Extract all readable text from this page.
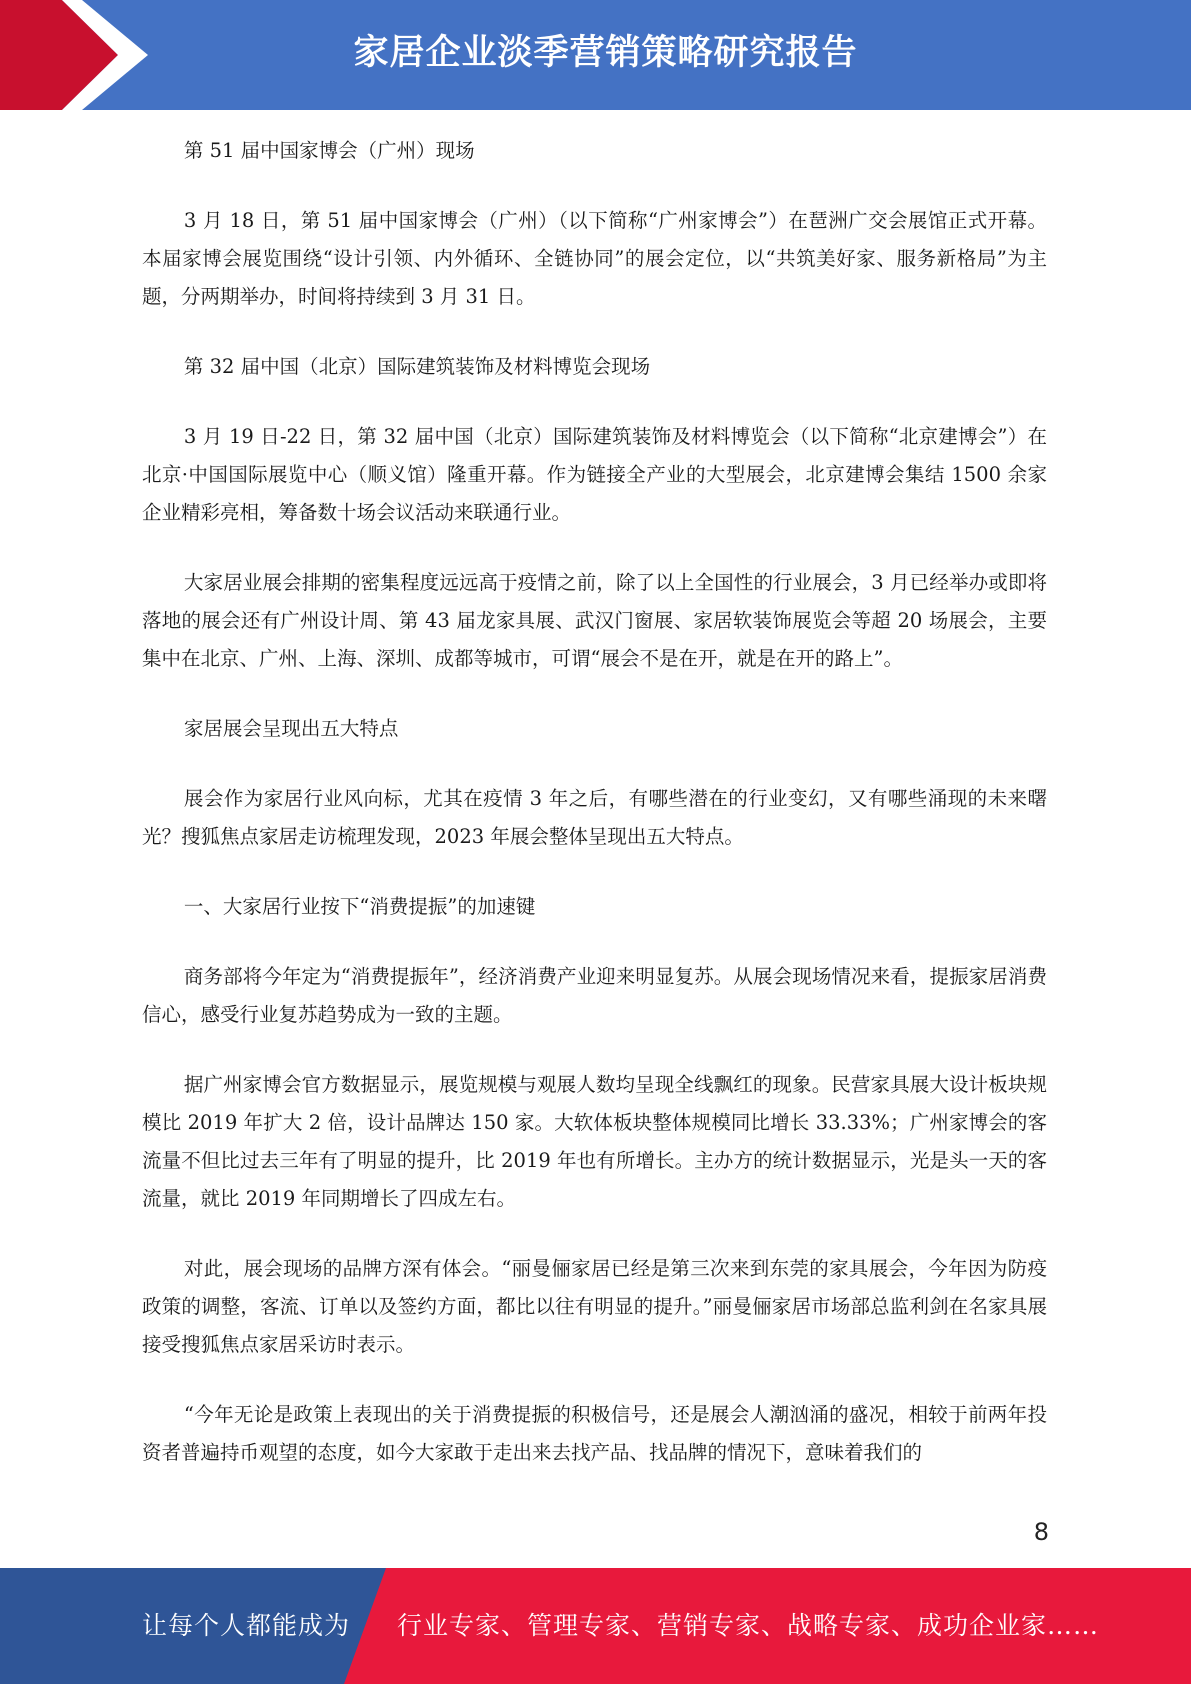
家居企业淡季营销策略研究报告

第 51 届中国家博会（广州）现场

3 月 18 日，第 51 届中国家博会（广州）（以下简称“广州家博会”）在琶洲广交会展馆正式开幕。本届家博会展览围绕“设计引领、内外循环、全链协同”的展会定位，以“共筑美好家、服务新格局”为主题，分两期举办，时间将持续到 3 月 31 日。

第 32 届中国（北京）国际建筑装饰及材料博览会现场

3 月 19 日-22 日，第 32 届中国（北京）国际建筑装饰及材料博览会（以下简称“北京建博会”）在北京·中国国际展览中心（顺义馆）隆重开幕。作为链接全产业的大型展会，北京建博会集结 1500 余家企业精彩亮相，筹备数十场会议活动来联通行业。

大家居业展会排期的密集程度远远高于疫情之前，除了以上全国性的行业展会，3 月已经举办或即将落地的展会还有广州设计周、第 43 届龙家具展、武汉门窗展、家居软装饰展览会等超 20 场展会，主要集中在北京、广州、上海、深圳、成都等城市，可谓“展会不是在开，就是在开的路上”。

家居展会呈现出五大特点

展会作为家居行业风向标，尤其在疫情 3 年之后，有哪些潜在的行业变幻，又有哪些涌现的未来曙光？搜狐焦点家居走访梳理发现，2023 年展会整体呈现出五大特点。

一、大家居行业按下“消费提振”的加速键

商务部将今年定为“消费提振年”，经济消费产业迎来明显复苏。从展会现场情况来看，提振家居消费信心，感受行业复苏趋势成为一致的主题。

据广州家博会官方数据显示，展览规模与观展人数均呈现全线飘红的现象。民营家具展大设计板块规模比 2019 年扩大 2 倍，设计品牌达 150 家。大软体板块整体规模同比增长 33.33%；广州家博会的客流量不但比过去三年有了明显的提升，比 2019 年也有所增长。主办方的统计数据显示，光是头一天的客流量，就比 2019 年同期增长了四成左右。

对此，展会现场的品牌方深有体会。“丽曼俪家居已经是第三次来到东莞的家具展会，今年因为防疫政策的调整，客流、订单以及签约方面，都比以往有明显的提升。”丽曼俪家居市场部总监利剑在名家具展接受搜狐焦点家居采访时表示。

“今年无论是政策上表现出的关于消费提振的积极信号，还是展会人潮汹涌的盛况，相较于前两年投资者普遍持币观望的态度，如今大家敢于走出来去找产品、找品牌的情况下，意味着我们的

8
让每个人都能成为 行业专家、管理专家、营销专家、战略专家、成功企业家……
